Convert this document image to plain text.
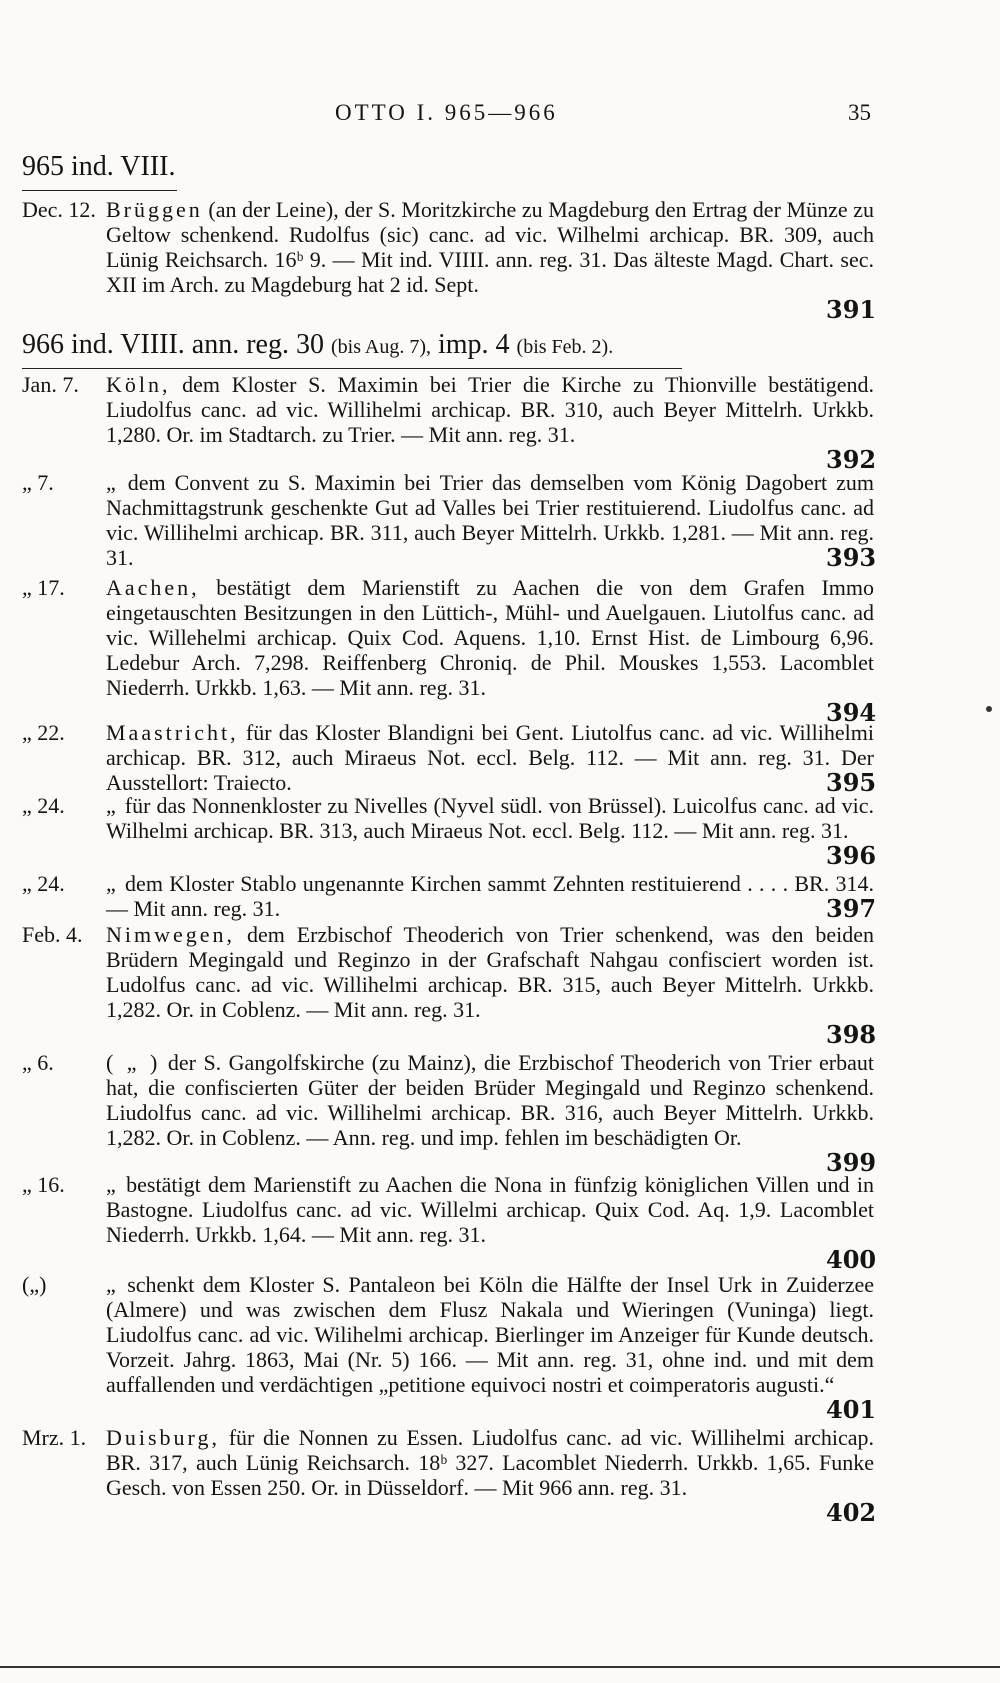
OTTO I. 965—966	35
965 ind. VIII.
966 ind. VIIII. ann. reg. 30 (bis Aug. 7), imp. 4 (bis Feb. 2).
Dec. 12. Brüggen (an der Leine), der S. Moritzkirche zu Magdeburg den Ertrag der Münze zu Geltow schenkend. Rudolfus (sic) canc. ad vic. Wilhelmi archicap. BR. 309, auch Lünig Reichsarch. 16ᵇ 9. — Mit ind. VIIII. ann. reg. 31. Das älteste Magd. Chart. sec. XII im Arch. zu Magdeburg hat 2 id. Sept.
391
Jan. 7.	Köln, dem Kloster S. Maximin bei Trier die Kirche zu Thionville bestätigend. Liudolfus canc. ad vic. Willihelmi archicap. BR. 310, auch Beyer Mittelrh. Urkkb. 1,280. Or. im Stadtarch. zu Trier. — Mit ann. reg. 31.
392
„ 7.	„ dem Convent zu S. Maximin bei Trier das demselben vom König Dagobert zum Nachmittagstrunk geschenkte Gut ad Valles bei Trier restituierend. Liudolfus canc. ad vic. Willihelmi archicap. BR. 311, auch Beyer Mittelrh. Urkkb. 1,281. — Mit ann. reg. 31.	393
„ 17.	Aachen, bestätigt dem Marienstift zu Aachen die von dem Grafen Immo eingetauschten Besitzungen in den Lüttich-, Mühl- und Auelgauen. Liutolfus canc. ad vic. Willehelmi archicap. Quix Cod. Aquens. 1,10. Ernst Hist. de Limbourg 6,96. Ledebur Arch. 7,298. Reiffenberg Chroniq. de Phil. Mouskes 1,553. Lacomblet Niederrh. Urkkb. 1,63. — Mit ann. reg. 31.
394
„ 22.	Maastricht, für das Kloster Blandigni bei Gent. Liutolfus canc. ad vic. Willihelmi archicap. BR. 312, auch Miraeus Not. eccl. Belg. 112. — Mit ann. reg. 31. Der Ausstellort: Traiecto.	395
„ 24.	„ für das Nonnenkloster zu Nivelles (Nyvel südl. von Brüssel). Luicolfus canc. ad vic. Wilhelmi archicap. BR. 313, auch Miraeus Not. eccl. Belg. 112. — Mit ann. reg. 31.
396
„ 24.	„ dem Kloster Stablo ungenannte Kirchen sammt Zehnten restituierend . . . . BR. 314. — Mit ann. reg. 31.	397
Feb. 4.	Nimwegen, dem Erzbischof Theoderich von Trier schenkend, was den beiden Brüdern Megingald und Reginzo in der Grafschaft Nahgau confisciert worden ist. Ludolfus canc. ad vic. Willihelmi archicap. BR. 315, auch Beyer Mittelrh. Urkkb. 1,282. Or. in Coblenz. — Mit ann. reg. 31.
398
„ 6.	( „ ) der S. Gangolfskirche (zu Mainz), die Erzbischof Theoderich von Trier erbaut hat, die confiscierten Güter der beiden Brüder Megingald und Reginzo schenkend. Liudolfus canc. ad vic. Willihelmi archicap. BR. 316, auch Beyer Mittelrh. Urkkb. 1,282. Or. in Coblenz. — Ann. reg. und imp. fehlen im beschädigten Or.
399
„ 16.	„ bestätigt dem Marienstift zu Aachen die Nona in fünfzig königlichen Villen und in Bastogne. Liudolfus canc. ad vic. Willelmi archicap. Quix Cod. Aq. 1,9. Lacomblet Niederrh. Urkkb. 1,64. — Mit ann. reg. 31.
400
(„)	„ schenkt dem Kloster S. Pantaleon bei Köln die Hälfte der Insel Urk in Zuiderzee (Almere) und was zwischen dem Flusz Nakala und Wieringen (Vuninga) liegt. Liudolfus canc. ad vic. Wilihelmi archicap. Bierlinger im Anzeiger für Kunde deutsch. Vorzeit. Jahrg. 1863, Mai (Nr. 5) 166. — Mit ann. reg. 31, ohne ind. und mit dem auffallenden und verdächtigen „petitione equivoci nostri et coimperatoris augusti.“
401
Mrz. 1. Duisburg, für die Nonnen zu Essen. Liudolfus canc. ad vic. Willihelmi archicap. BR. 317, auch Lünig Reichsarch. 18ᵇ 327. Lacomblet Niederrh. Urkkb. 1,65. Funke Gesch. von Essen 250. Or. in Düsseldorf. — Mit 966 ann. reg. 31.
402
